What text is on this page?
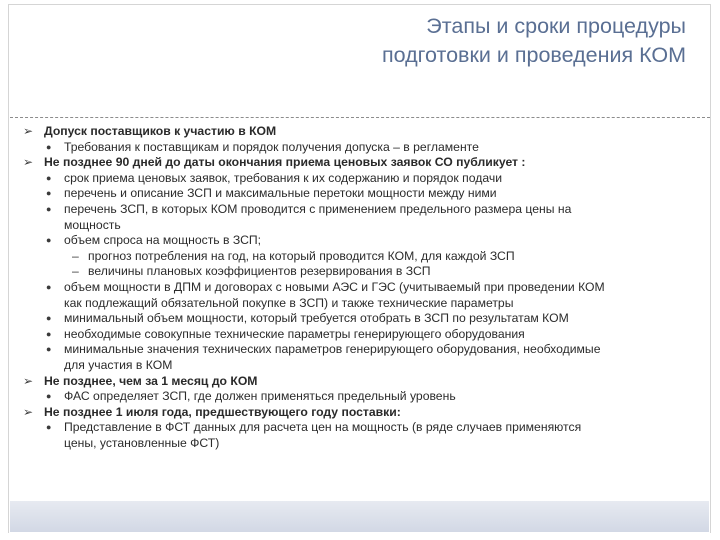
Этапы и сроки процедуры
подготовки и проведения КОМ
➢ Допуск поставщиков к участию в КОМ
● Требования к поставщикам и порядок получения допуска – в регламенте
➢ Не позднее 90 дней до даты окончания приема ценовых заявок СО публикует :
● срок приема ценовых заявок, требования к их содержанию и порядок подачи
● перечень и описание ЗСП и максимальные перетоки мощности между ними
● перечень ЗСП, в которых КОМ проводится с применением предельного размера цены на
мощность
● объем спроса на мощность в ЗСП;
– прогноз потребления на год, на который проводится КОМ, для каждой ЗСП
– величины плановых коэффициентов резервирования в ЗСП
● объем мощности в ДПМ и договорах с новыми АЭС и ГЭС (учитываемый при проведении КОМ
как подлежащий обязательной покупке в ЗСП) и также технические параметры
● минимальный объем мощности, который требуется отобрать в ЗСП по результатам КОМ
● необходимые совокупные технические параметры генерирующего оборудования
● минимальные значения технических параметров генерирующего оборудования, необходимые
для участия в КОМ
➢ Не позднее, чем за 1 месяц до КОМ
● ФАС определяет ЗСП, где должен применяться предельный уровень
➢ Не позднее 1 июля года, предшествующего году поставки:
● Представление в ФСТ данных для расчета цен на мощность (в ряде случаев применяются
цены, установленные ФСТ)
